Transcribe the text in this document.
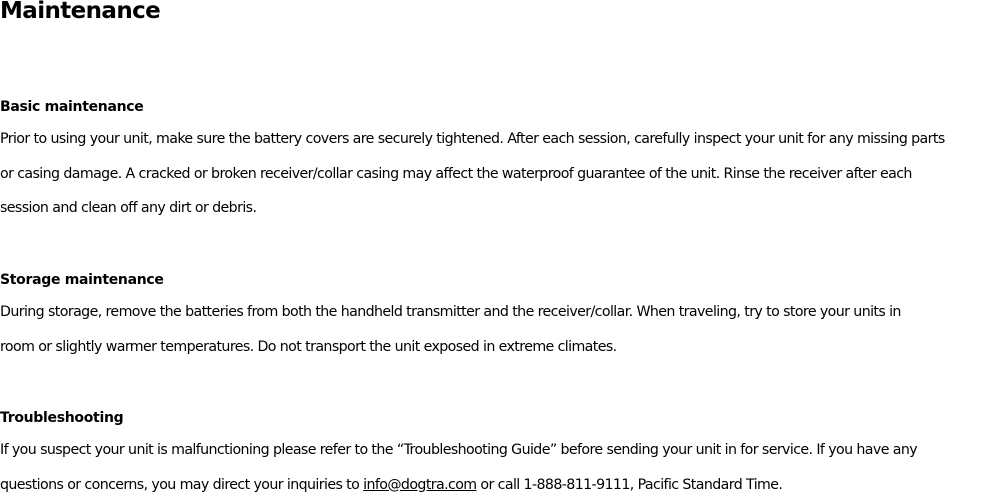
Maintenance
Basic maintenance

Prior to using your unit, make sure the battery covers are securely tightened. After each session, carefully inspect your unit for any missing parts
or casing damage. A cracked or broken receiver/collar casing may affect the waterproof guarantee of the unit. Rinse the receiver after each
session and clean off any dirt or debris.

Storage maintenance

During storage, remove the batteries from both the handheld transmitter and the receiver/collar. When traveling, try to store your units in
room or slightly warmer temperatures. Do not transport the unit exposed in extreme climates.

Troubleshooting

If you suspect your unit is malfunctioning please refer to the “Troubleshooting Guide” before sending your unit in for service. If you have any
questions or concerns, you may direct your inquiries to info@dogtra.com or call 1-888-811-9111, Pacific Standard Time.
